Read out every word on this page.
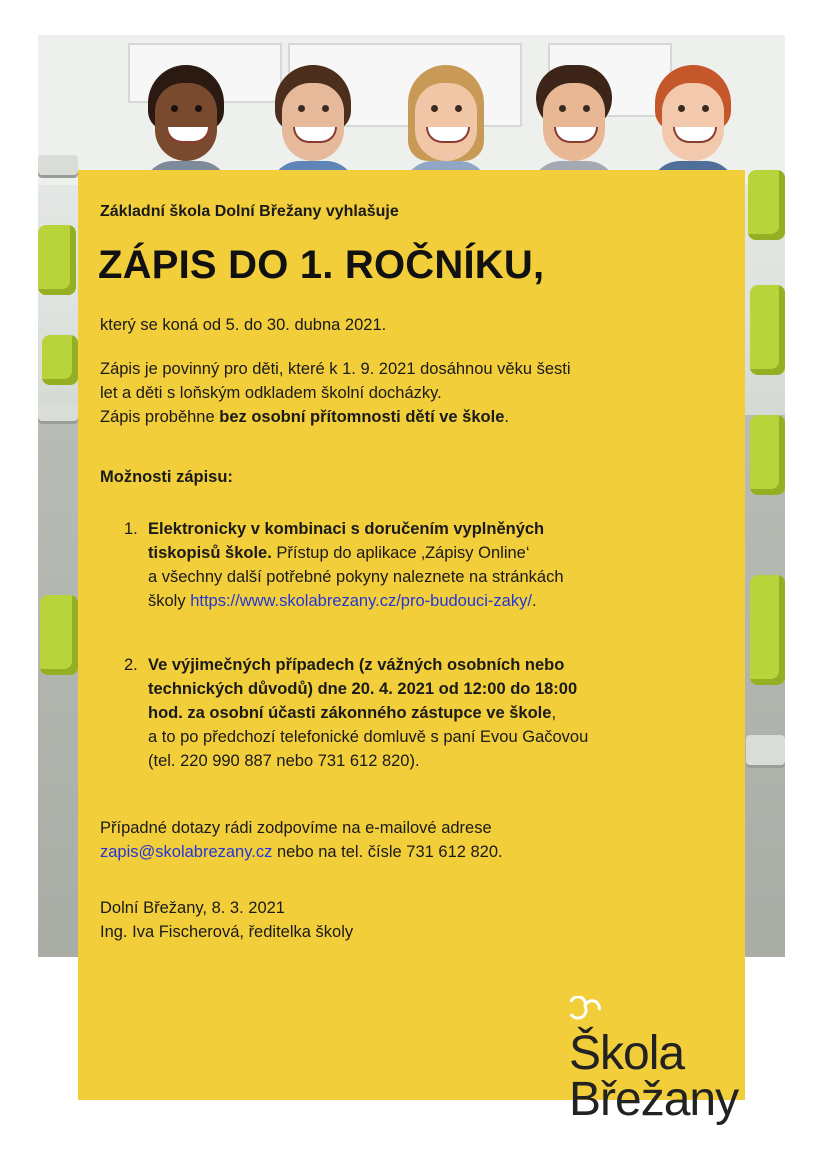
Základní škola Dolní Břežany vyhlašuje
ZÁPIS DO 1. ROČNÍKU,
který se koná od 5. do 30. dubna 2021.
Zápis je povinný pro děti, které k 1. 9. 2021 dosáhnou věku šesti
let a děti s loňským odkladem školní docházky.
Zápis proběhne bez osobní přítomnosti dětí ve škole.
Možnosti zápisu:
1. Elektronicky v kombinaci s doručením vyplněných
tiskopisů škole. Přístup do aplikace ‚Zápisy Online‘
a všechny další potřebné pokyny naleznete na stránkách
školy https://www.skolabrezany.cz/pro-budouci-zaky/.
2. Ve výjimečných případech (z vážných osobních nebo
technických důvodů) dne 20. 4. 2021 od 12:00 do 18:00
hod. za osobní účasti zákonného zástupce ve škole,
a to po předchozí telefonické domluvě s paní Evou Gačovou
(tel. 220 990 887 nebo 731 612 820).
Případné dotazy rádi zodpovíme na e-mailové adrese
zapis@skolabrezany.cz nebo na tel. čísle 731 612 820.
Dolní Břežany, 8. 3. 2021
Ing. Iva Fischerová, ředitelka školy
Škola
Břežany
